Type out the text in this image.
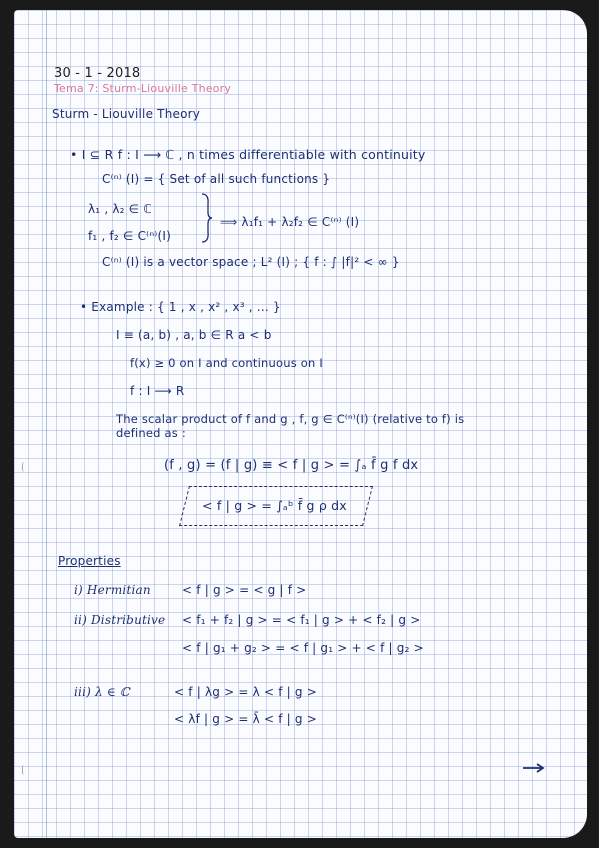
30 - 1 - 2018
Tema 7: Sturm-Liouville Theory
Sturm - Liouville Theory
• I ⊆ R f : I ⟶ ℂ , n times differentiable with continuity
C⁽ⁿ⁾ (I) = { Set of all such functions }
λ₁ , λ₂ ∈ ℂ
f₁ , f₂ ∈ C⁽ⁿ⁾(I)
⟹ λ₁f₁ + λ₂f₂ ∈ C⁽ⁿ⁾ (I)
C⁽ⁿ⁾ (I) is a vector space ; L² (I) ; { f : ∫ |f|² < ∞ }
• Example : { 1 , x , x² , x³ , ... }
I ≡ (a, b) , a, b ∈ R a < b
f(x) ≥ 0 on I and continuous on I
f : I ⟶ R
The scalar product of f and g , f, g ∈ C⁽ⁿ⁾(I) (relative to f) is
defined as :
(f , g) = (f | g) ≡ < f | g > = ∫ₐ f̄ g f dx
< f | g > = ∫ₐᵇ f̄ g ρ dx
Properties
i) Hermitian	< f | g > = < g | f >
ii) Distributive < f₁ + f₂ | g > = < f₁ | g > + < f₂ | g >
< f | g₁ + g₂ > = < f | g₁ > + < f | g₂ >
iii) λ ∈ ℂ	< f | λg > = λ < f | g >
< λf | g > = λ̄ < f | g >
